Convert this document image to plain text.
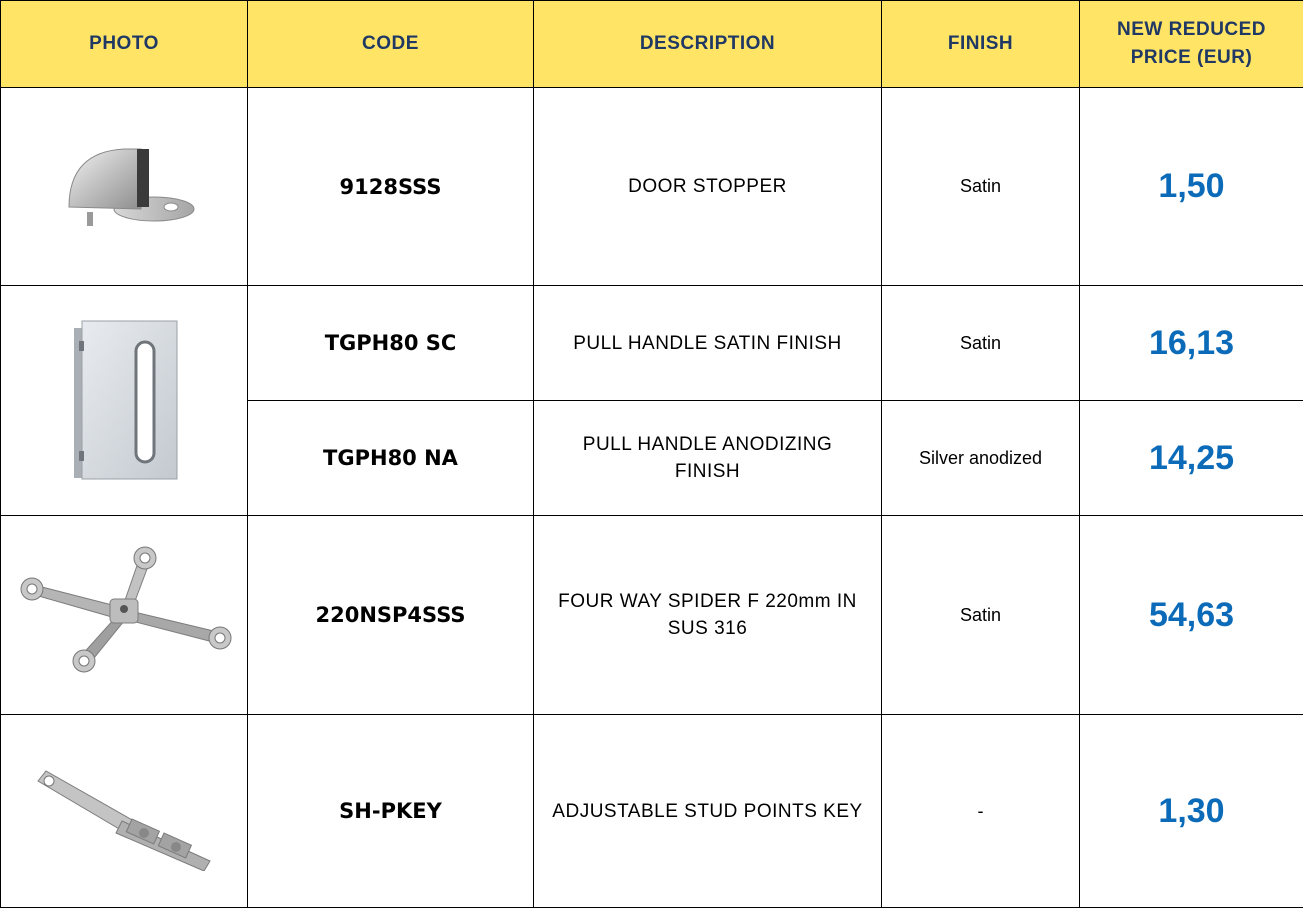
PHOTO	CODE	DESCRIPTION	FINISH	NEW REDUCED
PRICE (EUR)

	9128SSS	DOOR STOPPER	Satin	1,50

	TGPH80 SC	PULL HANDLE SATIN FINISH	Satin	16,13
	TGPH80 NA	PULL HANDLE ANODIZING
FINISH	Silver anodized	14,25

	220NSP4SSS	FOUR WAY SPIDER F 220mm IN
SUS 316	Satin	54,63

	SH-PKEY	ADJUSTABLE STUD POINTS KEY	-	1,30
